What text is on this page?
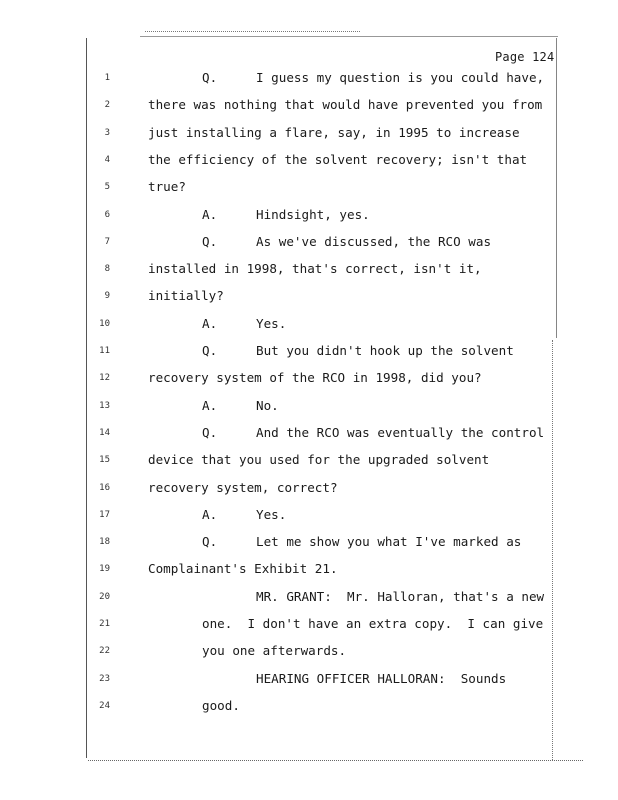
Page 124
1	Q.	I guess my question is you could have,
2	there was nothing that would have prevented you from
3	just installing a flare, say, in 1995 to increase
4	the efficiency of the solvent recovery; isn't that
5	true?
6	A.	Hindsight, yes.
7	Q.	As we've discussed, the RCO was
8	installed in 1998, that's correct, isn't it,
9	initially?
10	A.	Yes.
11	Q.	But you didn't hook up the solvent
12	recovery system of the RCO in 1998, did you?
13	A.	No.
14	Q.	And the RCO was eventually the control
15	device that you used for the upgraded solvent
16	recovery system, correct?
17	A.	Yes.
18	Q.	Let me show you what I've marked as
19	Complainant's Exhibit 21.
20	MR. GRANT:  Mr. Halloran, that's a new
21	one.  I don't have an extra copy.  I can give
22	you one afterwards.
23	HEARING OFFICER HALLORAN:  Sounds
24	good.
